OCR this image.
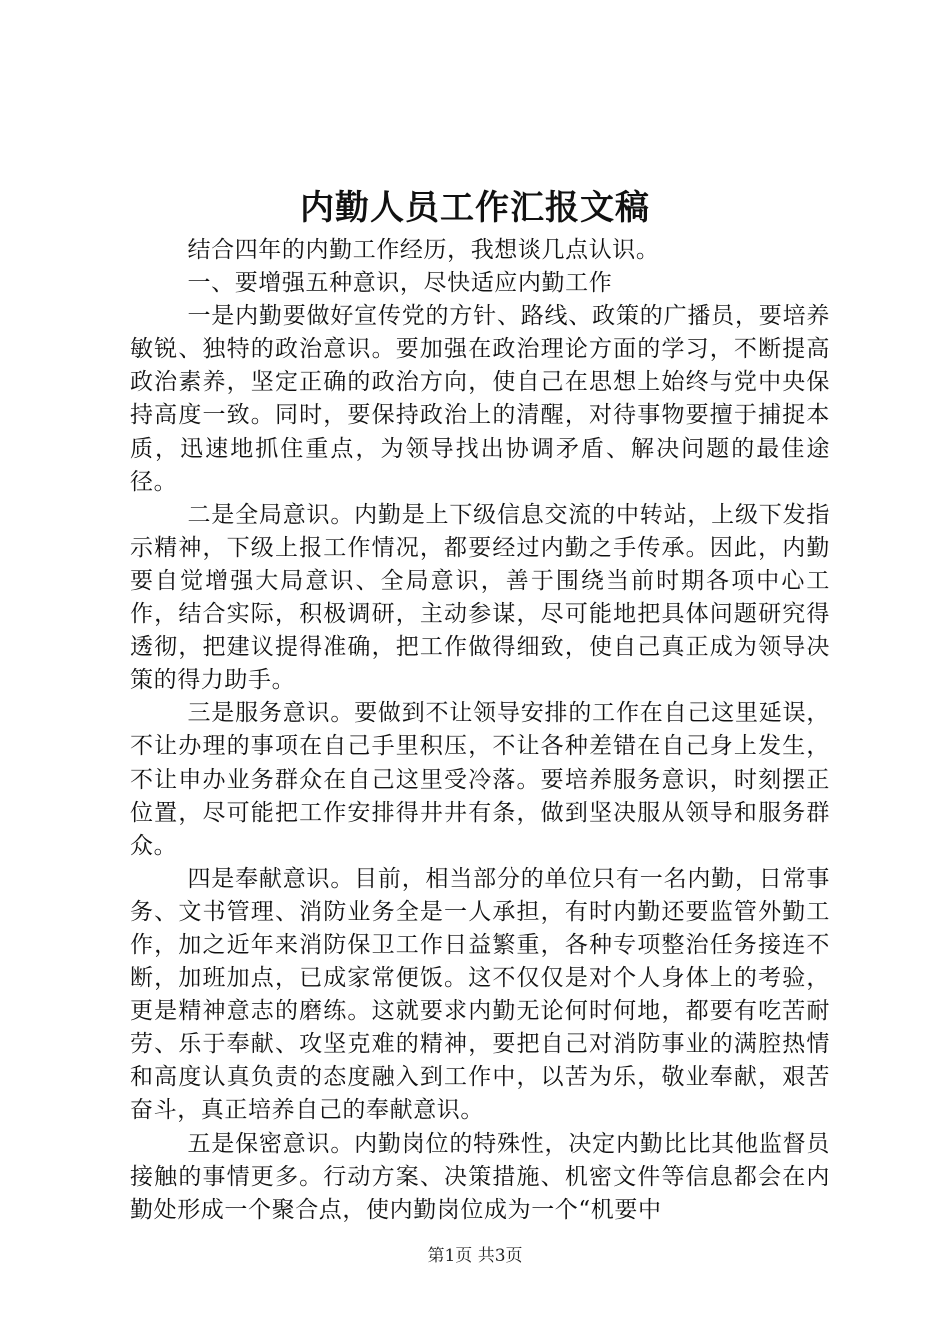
内勤人员工作汇报文稿

结合四年的内勤工作经历，我想谈几点认识。

一、要增强五种意识，尽快适应内勤工作

一是内勤要做好宣传党的方针、路线、政策的广播员，要培养敏锐、独特的政治意识。要加强在政治理论方面的学习，不断提高政治素养，坚定正确的政治方向，使自己在思想上始终与党中央保持高度一致。同时，要保持政治上的清醒，对待事物要擅于捕捉本质，迅速地抓住重点，为领导找出协调矛盾、解决问题的最佳途径。

二是全局意识。内勤是上下级信息交流的中转站，上级下发指示精神，下级上报工作情况，都要经过内勤之手传承。因此，内勤要自觉增强大局意识、全局意识，善于围绕当前时期各项中心工作，结合实际，积极调研，主动参谋，尽可能地把具体问题研究得透彻，把建议提得准确，把工作做得细致，使自己真正成为领导决策的得力助手。

三是服务意识。要做到不让领导安排的工作在自己这里延误，不让办理的事项在自己手里积压，不让各种差错在自己身上发生，不让申办业务群众在自己这里受冷落。要培养服务意识，时刻摆正位置，尽可能把工作安排得井井有条，做到坚决服从领导和服务群众。

四是奉献意识。目前，相当部分的单位只有一名内勤，日常事务、文书管理、消防业务全是一人承担，有时内勤还要监管外勤工作，加之近年来消防保卫工作日益繁重，各种专项整治任务接连不断，加班加点，已成家常便饭。这不仅仅是对个人身体上的考验，更是精神意志的磨练。这就要求内勤无论何时何地，都要有吃苦耐劳、乐于奉献、攻坚克难的精神，要把自己对消防事业的满腔热情和高度认真负责的态度融入到工作中，以苦为乐，敬业奉献，艰苦奋斗，真正培养自己的奉献意识。

五是保密意识。内勤岗位的特殊性，决定内勤比比其他监督员接触的事情更多。行动方案、决策措施、机密文件等信息都会在内勤处形成一个聚合点，使内勤岗位成为一个“机要中

第1页 共3页
